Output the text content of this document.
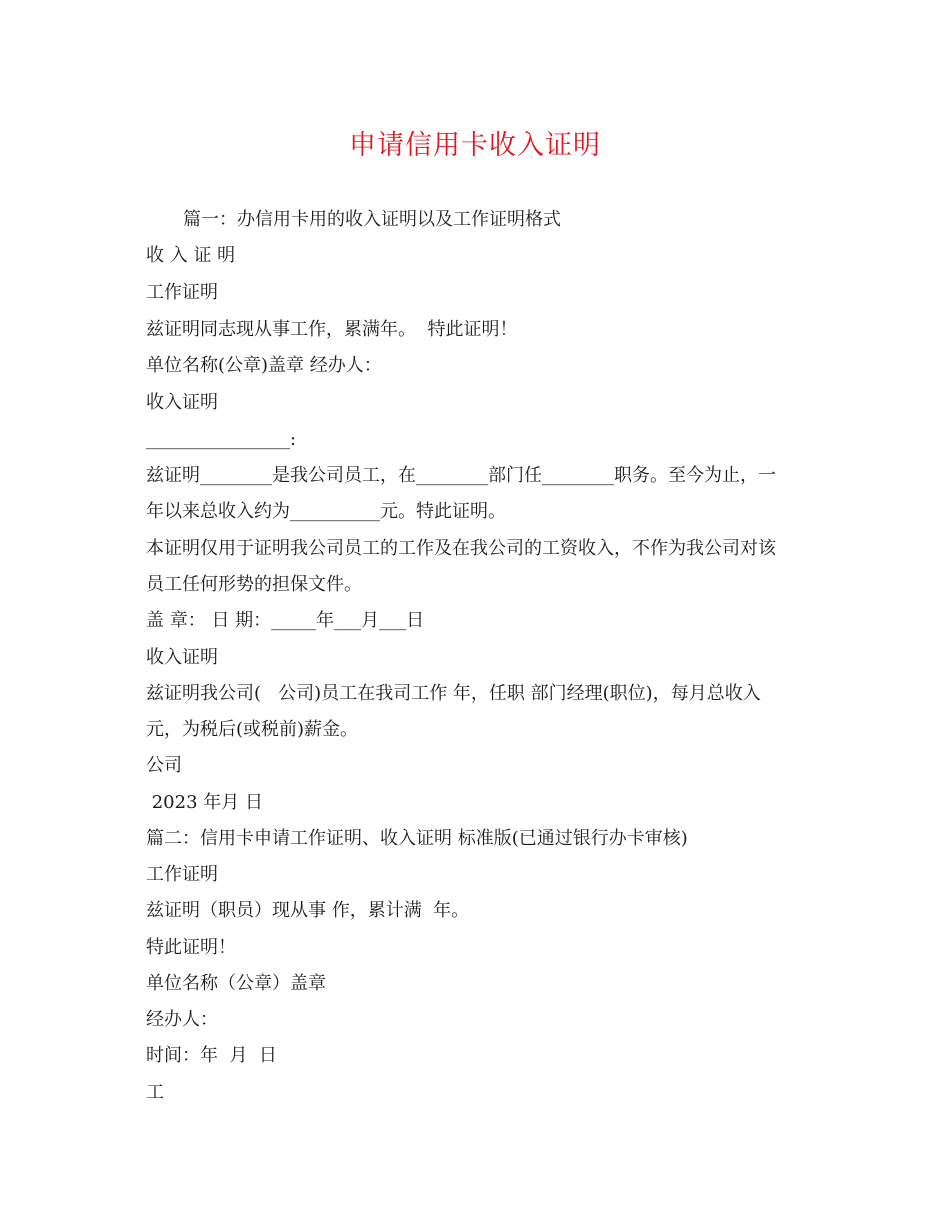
申请信用卡收入证明
篇一：办信用卡用的收入证明以及工作证明格式
收 入 证 明
工作证明
兹证明同志现从事工作，累满年。  特此证明！
单位名称(公章)盖章 经办人：
收入证明
________________:
兹证明________是我公司员工，在________部门任________职务。至今为止，一
年以来总收入约为__________元。特此证明。
本证明仅用于证明我公司员工的工作及在我公司的工资收入，不作为我公司对该
员工任何形势的担保文件。
盖 章： 日 期：_____年___月___日
收入证明
兹证明我公司(   公司)员工在我司工作 年，任职 部门经理(职位)，每月总收入
元，为税后(或税前)薪金。
公司
2023 年月 日
篇二：信用卡申请工作证明、收入证明 标准版(已通过银行办卡审核)
工作证明
兹证明（职员）现从事 作，累计满  年。
特此证明！
单位名称（公章）盖章
经办人：
时间：年  月  日
工
